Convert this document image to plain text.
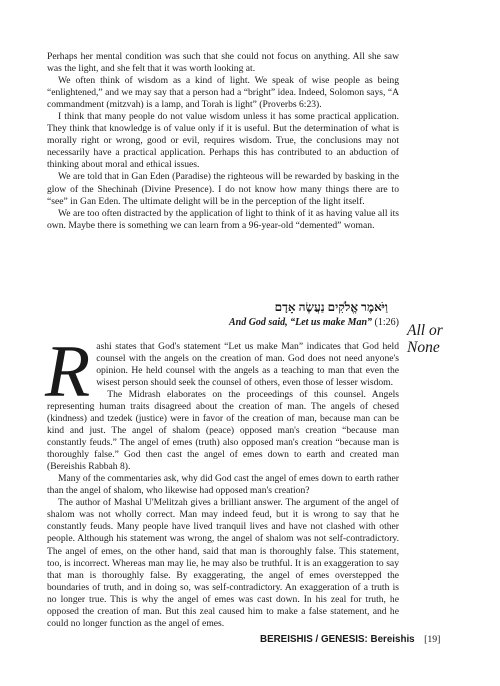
Perhaps her mental condition was such that she could not focus on anything. All she saw was the light, and she felt that it was worth looking at.

We often think of wisdom as a kind of light. We speak of wise people as being “enlightened,” and we may say that a person had a “bright” idea. Indeed, Solomon says, “A commandment (mitzvah) is a lamp, and Torah is light” (Proverbs 6:23).

I think that many people do not value wisdom unless it has some practical application. They think that knowledge is of value only if it is useful. But the determination of what is morally right or wrong, good or evil, requires wisdom. True, the conclusions may not necessarily have a practical application. Perhaps this has contributed to an abduction of thinking about moral and ethical issues.

We are told that in Gan Eden (Paradise) the righteous will be rewarded by basking in the glow of the Shechinah (Divine Presence). I do not know how many things there are to “see” in Gan Eden. The ultimate delight will be in the perception of the light itself.

We are too often distracted by the application of light to think of it as having value all its own. Maybe there is something we can learn from a 96-year-old “demented” woman.

וַיֹּאמֶר אֱלֹקִים נַעֲשֶׂה אָדָם

And God said, “Let us make Man” (1:26)

Rashi states that God's statement “Let us make Man” indicates that God held counsel with the angels on the creation of man. God does not need anyone's opinion. He held counsel with the angels as a teaching to man that even the wisest person should seek the counsel of others, even those of lesser wisdom.

The Midrash elaborates on the proceedings of this counsel. Angels representing human traits disagreed about the creation of man. The angels of chesed (kindness) and tzedek (justice) were in favor of the creation of man, because man can be kind and just. The angel of shalom (peace) opposed man's creation “because man constantly feuds.” The angel of emes (truth) also opposed man's creation “because man is thoroughly false.” God then cast the angel of emes down to earth and created man (Bereishis Rabbah 8).

Many of the commentaries ask, why did God cast the angel of emes down to earth rather than the angel of shalom, who likewise had opposed man's creation?

The author of Mashal U'Melitzah gives a brilliant answer. The argument of the angel of shalom was not wholly correct. Man may indeed feud, but it is wrong to say that he constantly feuds. Many people have lived tranquil lives and have not clashed with other people. Although his statement was wrong, the angel of shalom was not self-contradictory. The angel of emes, on the other hand, said that man is thoroughly false. This statement, too, is incorrect. Whereas man may lie, he may also be truthful. It is an exaggeration to say that man is thoroughly false. By exaggerating, the angel of emes overstepped the boundaries of truth, and in doing so, was self-contradictory. An exaggeration of a truth is no longer true. This is why the angel of emes was cast down. In his zeal for truth, he opposed the creation of man. But this zeal caused him to make a false statement, and he could no longer function as the angel of emes.

All or
None
BEREISHIS / GENESIS: Bereishis [19]
